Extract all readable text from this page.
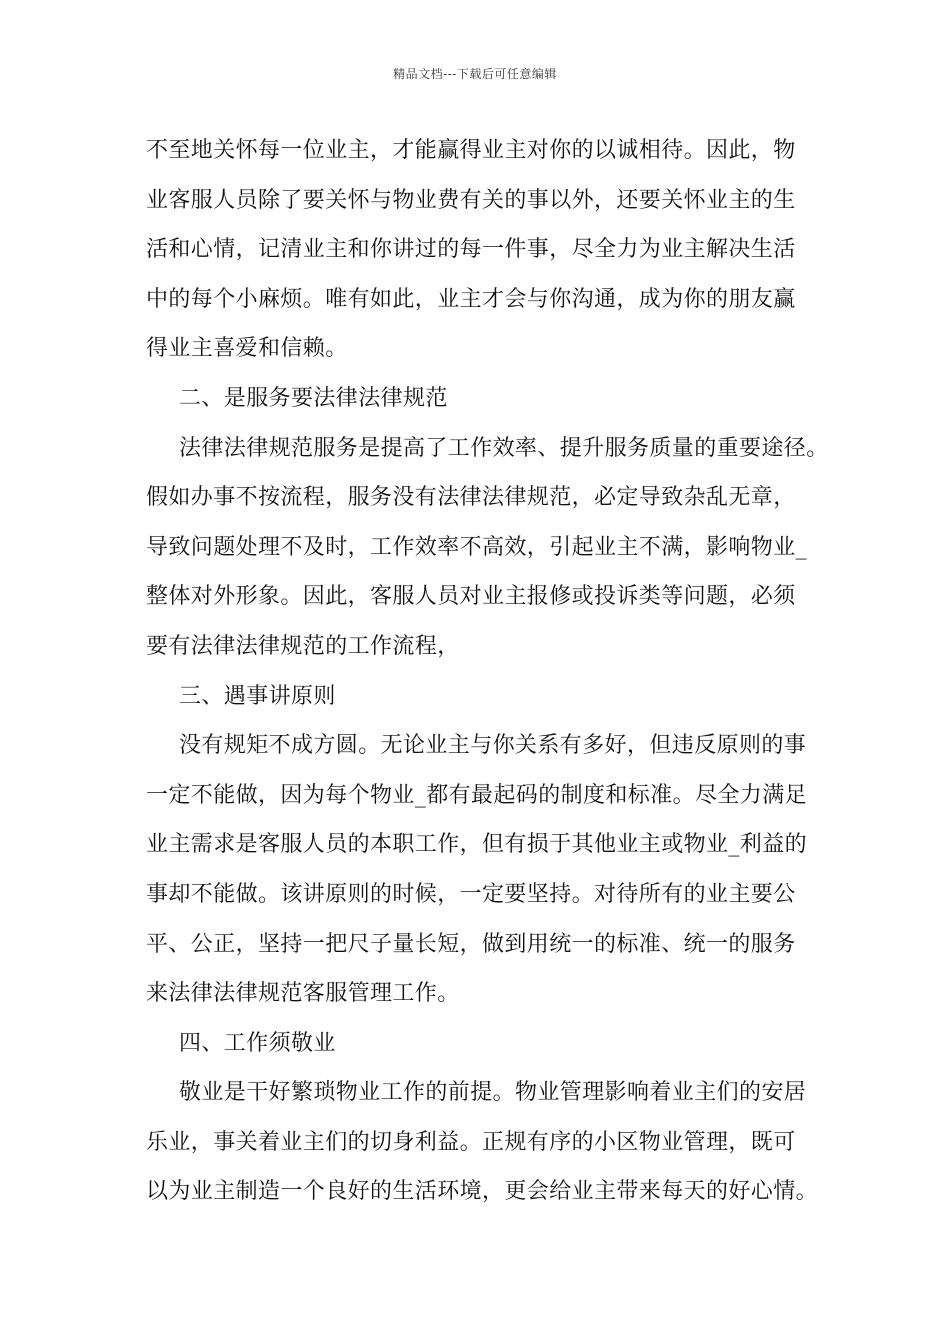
精品文档---下载后可任意编辑
不至地关怀每一位业主，才能赢得业主对你的以诚相待。因此，物
业客服人员除了要关怀与物业费有关的事以外，还要关怀业主的生
活和心情，记清业主和你讲过的每一件事，尽全力为业主解决生活
中的每个小麻烦。唯有如此，业主才会与你沟通，成为你的朋友赢
得业主喜爱和信赖。
二、是服务要法律法律规范
法律法律规范服务是提高了工作效率、提升服务质量的重要途径。
假如办事不按流程，服务没有法律法律规范，必定导致杂乱无章，
导致问题处理不及时，工作效率不高效，引起业主不满，影响物业_
整体对外形象。因此，客服人员对业主报修或投诉类等问题，必须
要有法律法律规范的工作流程，
三、遇事讲原则
没有规矩不成方圆。无论业主与你关系有多好，但违反原则的事
一定不能做，因为每个物业_都有最起码的制度和标准。尽全力满足
业主需求是客服人员的本职工作，但有损于其他业主或物业_利益的
事却不能做。该讲原则的时候，一定要坚持。对待所有的业主要公
平、公正，坚持一把尺子量长短，做到用统一的标准、统一的服务
来法律法律规范客服管理工作。
四、工作须敬业
敬业是干好繁琐物业工作的前提。物业管理影响着业主们的安居
乐业，事关着业主们的切身利益。正规有序的小区物业管理，既可
以为业主制造一个良好的生活环境，更会给业主带来每天的好心情。
